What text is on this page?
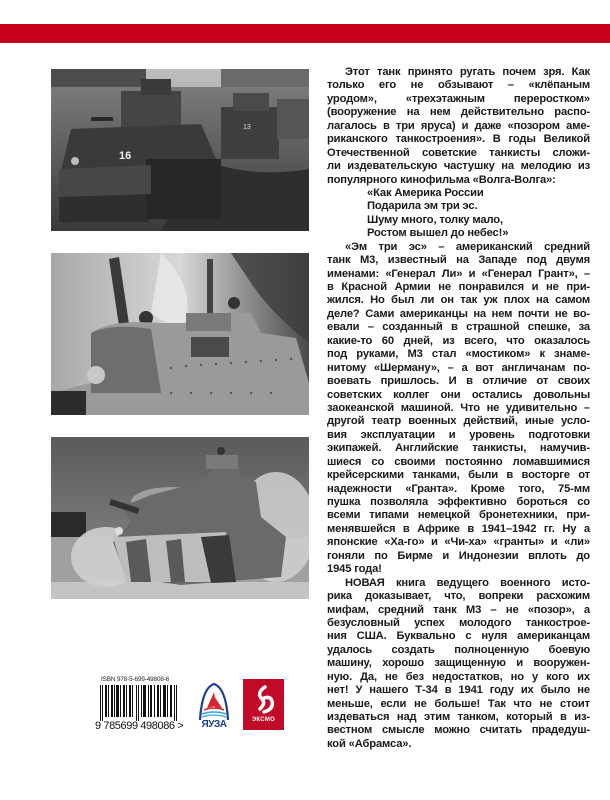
13
16
Этот танк принято ругать почем зря. Как
только его не обзывают – «клёпаным
уродом», «трехэтажным переростком»
(вооружение на нем действительно распо-
лагалось в три яруса) и даже «позором аме-
риканского танкостроения». В годы Великой
Отечественной советские танкисты сложи-
ли издевательскую частушку на мелодию из
популярного кинофильма «Волга-Волга»:
«Как Америка России
Подарила эм три эс.
Шуму много, толку мало,
Ростом вышел до небес!»
«Эм три эс» – американский средний
танк М3, известный на Западе под двумя
именами: «Генерал Ли» и «Генерал Грант», –
в Красной Армии не понравился и не при-
жился. Но был ли он так уж плох на самом
деле? Сами американцы на нем почти не во-
евали – созданный в страшной спешке, за
какие-то 60 дней, из всего, что оказалось
под руками, М3 стал «мостиком» к знаме-
нитому «Шерману», – а вот англичанам по-
воевать пришлось. И в отличие от своих
советских коллег они остались довольны
заокеанской машиной. Что не удивительно –
другой театр военных действий, иные усло-
вия эксплуатации и уровень подготовки
экипажей. Английские танкисты, намучив-
шиеся со своими постоянно ломавшимися
крейсерскими танками, были в восторге от
надежности «Гранта». Кроме того, 75-мм
пушка позволяла эффективно бороться со
всеми типами немецкой бронетехники, при-
менявшейся в Африке в 1941–1942 гг. Ну а
японские «Ха-го» и «Чи-ха» «гранты» и «ли»
гоняли по Бирме и Индонезии вплоть до
1945 года!
НОВАЯ книга ведущего военного исто-
рика доказывает, что, вопреки расхожим
мифам, средний танк М3 – не «позор», а
безусловный успех молодого танкострое-
ния США. Буквально с нуля американцам
удалось создать полноценную боевую
машину, хорошо защищенную и вооружен-
ную. Да, не без недостатков, но у кого их
нет! У нашего Т-34 в 1941 году их было не
меньше, если не больше! Так что не стоит
издеваться над этим танком, который в из-
вестном смысле можно считать прадедуш-
кой «Абрамса».
ISBN 978-5-699-49808-6
9 785699 498086 >	ЯУЗА	ЭКСМО
